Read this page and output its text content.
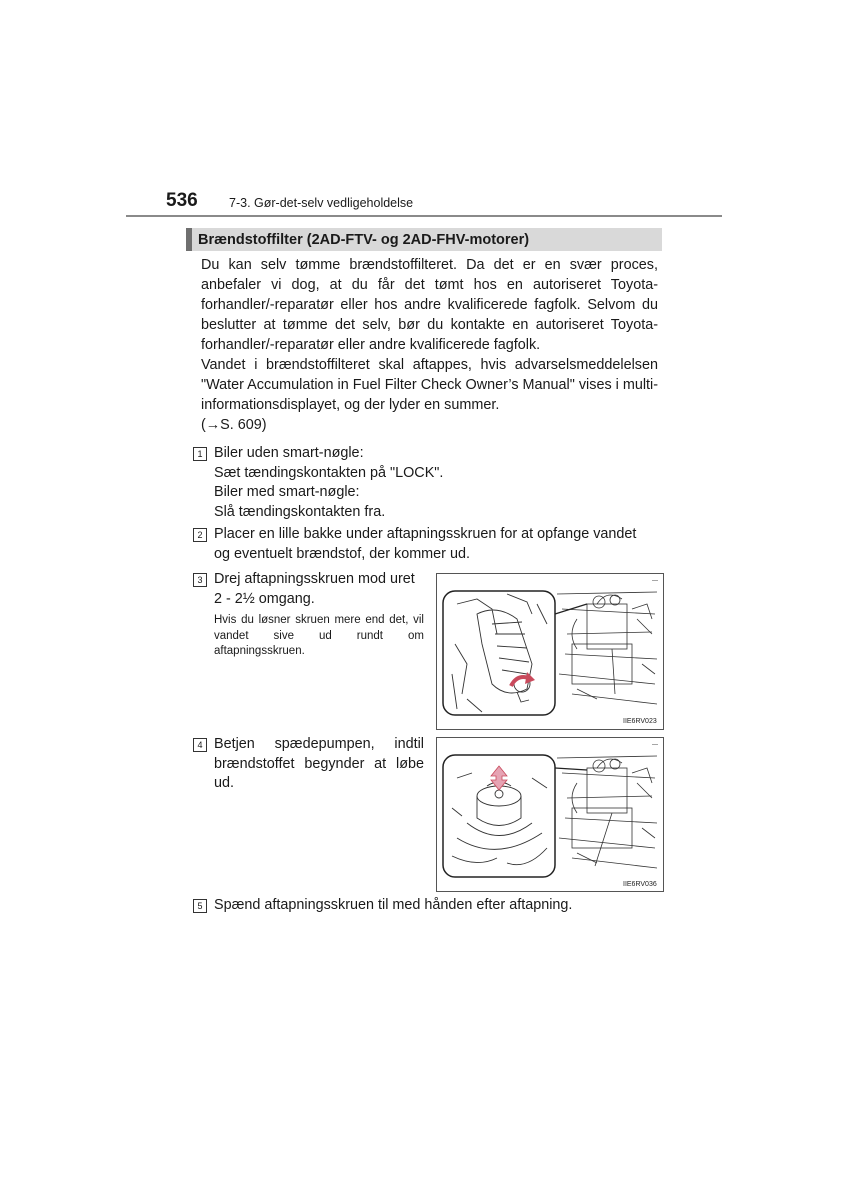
536	7-3. Gør-det-selv vedligeholdelse
Brændstoffilter (2AD-FTV- og 2AD-FHV-motorer)

Du kan selv tømme brændstoffilteret. Da det er en svær proces, anbefaler vi dog, at du får det tømt hos en autoriseret Toyota-forhandler/-reparatør eller hos andre kvalificerede fagfolk. Selvom du beslutter at tømme det selv, bør du kontakte en autoriseret Toyota-forhandler/-reparatør eller andre kvalificerede fagfolk.

Vandet i brændstoffilteret skal aftappes, hvis advarselsmeddelelsen "Water Accumulation in Fuel Filter Check Owner’s Manual" vises i multi-informationsdisplayet, og der lyder en summer.

(→S. 609)

1 Biler uden smart-nøgle:
Sæt tændingskontakten på "LOCK".
Biler med smart-nøgle:
Slå tændingskontakten fra.
2 Placer en lille bakke under aftapningsskruen for at opfange vandet
og eventuelt brændstof, der kommer ud.
3 Drej aftapningsskruen mod uret
2 - 2½ omgang.
Hvis du løsner skruen mere end det, vil vandet sive ud rundt om aftapningsskruen.
—
IIE6RV023
4 Betjen spædepumpen, indtil
brændstoffet begynder at løbe
ud.
—
IIE6RV036
5 Spænd aftapningsskruen til med hånden efter aftapning.
